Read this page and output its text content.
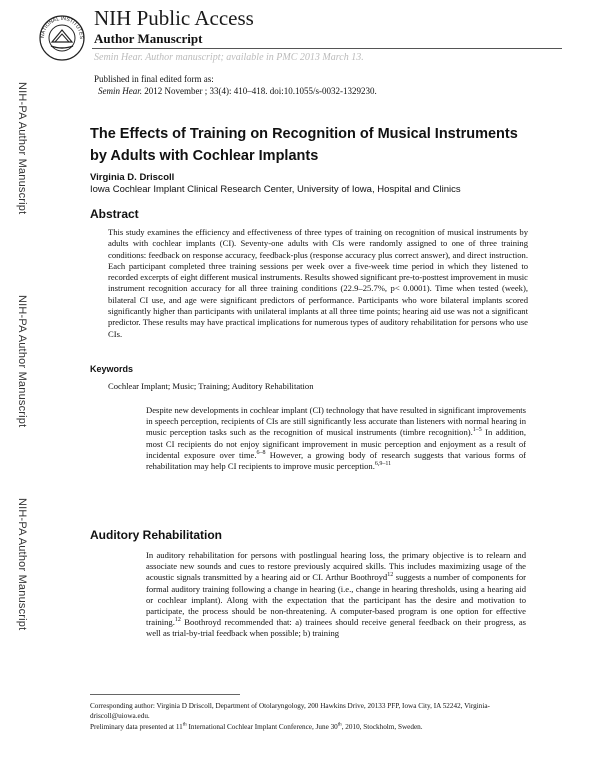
NATIONAL INSTITUTES
NIH Public Access
Author Manuscript
Semin Hear. Author manuscript; available in PMC 2013 March 13.
NIH-PA Author Manuscript
NIH-PA Author Manuscript
NIH-PA Author Manuscript
Published in final edited form as:
Semin Hear. 2012 November ; 33(4): 410–418. doi:10.1055/s-0032-1329230.
The Effects of Training on Recognition of Musical Instruments by Adults with Cochlear Implants
Virginia D. Driscoll
Iowa Cochlear Implant Clinical Research Center, University of Iowa, Hospital and Clinics
Abstract

This study examines the efficiency and effectiveness of three types of training on recognition of musical instruments by adults with cochlear implants (CI). Seventy-one adults with CIs were randomly assigned to one of three training conditions: feedback on response accuracy, feedback-plus (response accuracy plus correct answer), and direct instruction. Each participant completed three training sessions per week over a five-week time period in which they listened to recorded excerpts of eight different musical instruments. Results showed significant pre-to-posttest improvement in music instrument recognition accuracy for all three training conditions (22.9–25.7%, p< 0.0001). Time when tested (week), bilateral CI use, and age were significant predictors of performance. Participants who wore bilateral implants scored significantly higher than participants with unilateral implants at all three time points; hearing aid use was not a significant predictor. These results may have practical implications for numerous types of auditory rehabilitation for persons who use CIs.

Keywords
Cochlear Implant; Music; Training; Auditory Rehabilitation

Despite new developments in cochlear implant (CI) technology that have resulted in significant improvements in speech perception, recipients of CIs are still significantly less accurate than listeners with normal hearing in music perception tasks such as the recognition of musical instruments (timbre recognition).$^{1-5}$ In addition, most CI recipients do not enjoy significant improvement in music perception and enjoyment as a result of incidental exposure over time.$^{6-8}$ However, a growing body of research suggests that various forms of rehabilitation may help CI recipients to improve music perception.$^{6,9-11}$

Auditory Rehabilitation

In auditory rehabilitation for persons with postlingual hearing loss, the primary objective is to relearn and associate new sounds and cues to restore previously acquired skills. This includes maximizing usage of the acoustic signals transmitted by a hearing aid or CI. Arthur Boothroyd$^{12}$ suggests a number of components for formal auditory training following a change in hearing (i.e., change in hearing thresholds, using a hearing aid or cochlear implant). Along with the expectation that the participant has the desire and motivation to participate, the process should be non-threatening. A computer-based program is one option for effective training.$^{12}$ Boothroyd recommended that: a) trainees should receive general feedback on their progress, as well as trial-by-trial feedback when possible; b) training

Corresponding author: Virginia D Driscoll, Department of Otolaryngology, 200 Hawkins Drive, 20133 PFP, Iowa City, IA 52242, Virginia-driscoll@uiowa.edu.
Preliminary data presented at 11th International Cochlear Implant Conference, June 30th, 2010, Stockholm, Sweden.
